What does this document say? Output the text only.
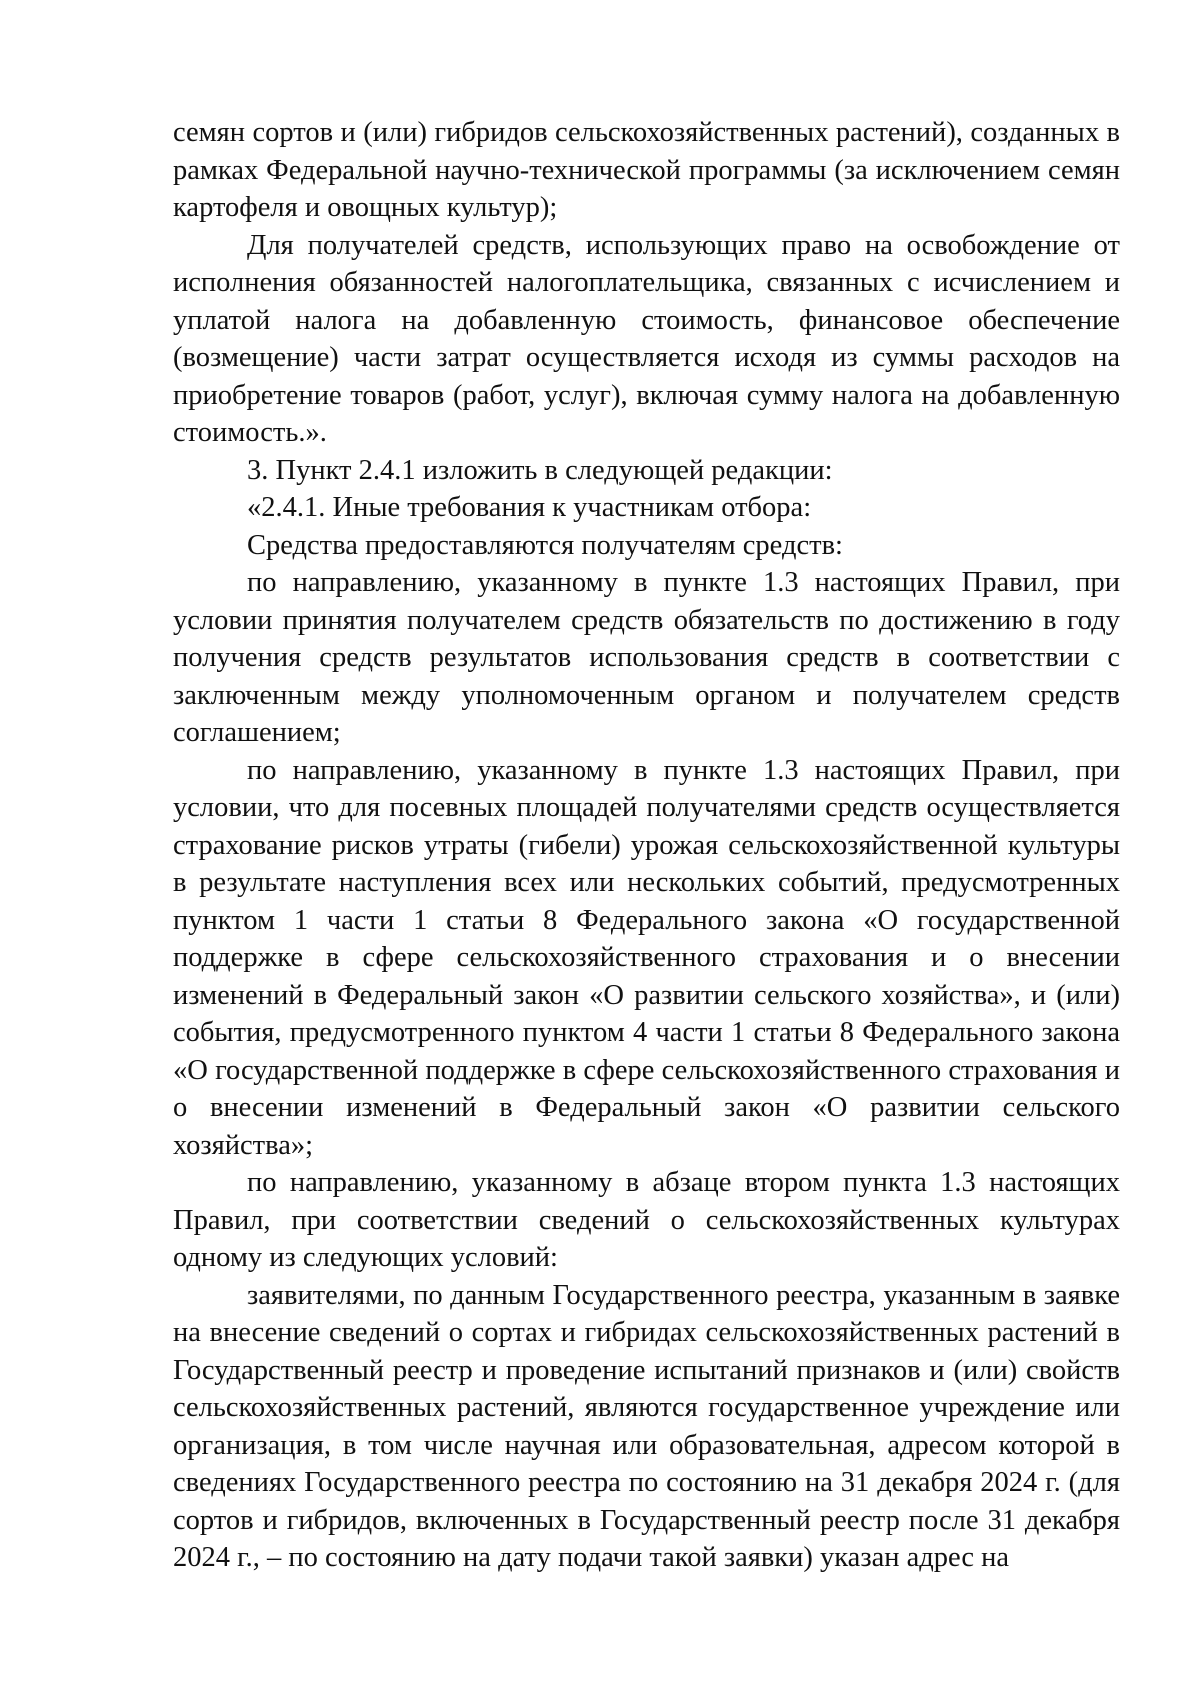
семян сортов и (или) гибридов сельскохозяйственных растений), созданных в рамках Федеральной научно-технической программы (за исключением семян картофеля и овощных культур);

Для получателей средств, использующих право на освобождение от исполнения обязанностей налогоплательщика, связанных с исчислением и уплатой налога на добавленную стоимость, финансовое обеспечение (возмещение) части затрат осуществляется исходя из суммы расходов на приобретение товаров (работ, услуг), включая сумму налога на добавленную стоимость.».

3. Пункт 2.4.1 изложить в следующей редакции:

«2.4.1. Иные требования к участникам отбора:

Средства предоставляются получателям средств:

по направлению, указанному в пункте 1.3 настоящих Правил, при условии принятия получателем средств обязательств по достижению в году получения средств результатов использования средств в соответствии с заключенным между уполномоченным органом и получателем средств соглашением;

по направлению, указанному в пункте 1.3 настоящих Правил, при условии, что для посевных площадей получателями средств осуществляется страхование рисков утраты (гибели) урожая сельскохозяйственной культуры в результате наступления всех или нескольких событий, предусмотренных пунктом 1 части 1 статьи 8 Федерального закона «О государственной поддержке в сфере сельскохозяйственного страхования и о внесении изменений в Федеральный закон «О развитии сельского хозяйства», и (или) события, предусмотренного пунктом 4 части 1 статьи 8 Федерального закона «О государственной поддержке в сфере сельскохозяйственного страхования и о внесении изменений в Федеральный закон «О развитии сельского хозяйства»;

по направлению, указанному в абзаце втором пункта 1.3 настоящих Правил, при соответствии сведений о сельскохозяйственных культурах одному из следующих условий:

заявителями, по данным Государственного реестра, указанным в заявке на внесение сведений о сортах и гибридах сельскохозяйственных растений в Государственный реестр и проведение испытаний признаков и (или) свойств сельскохозяйственных растений, являются государственное учреждение или организация, в том числе научная или образовательная, адресом которой в сведениях Государственного реестра по состоянию на 31 декабря 2024 г. (для сортов и гибридов, включенных в Государственный реестр после 31 декабря 2024 г., – по состоянию на дату подачи такой заявки) указан адрес на
